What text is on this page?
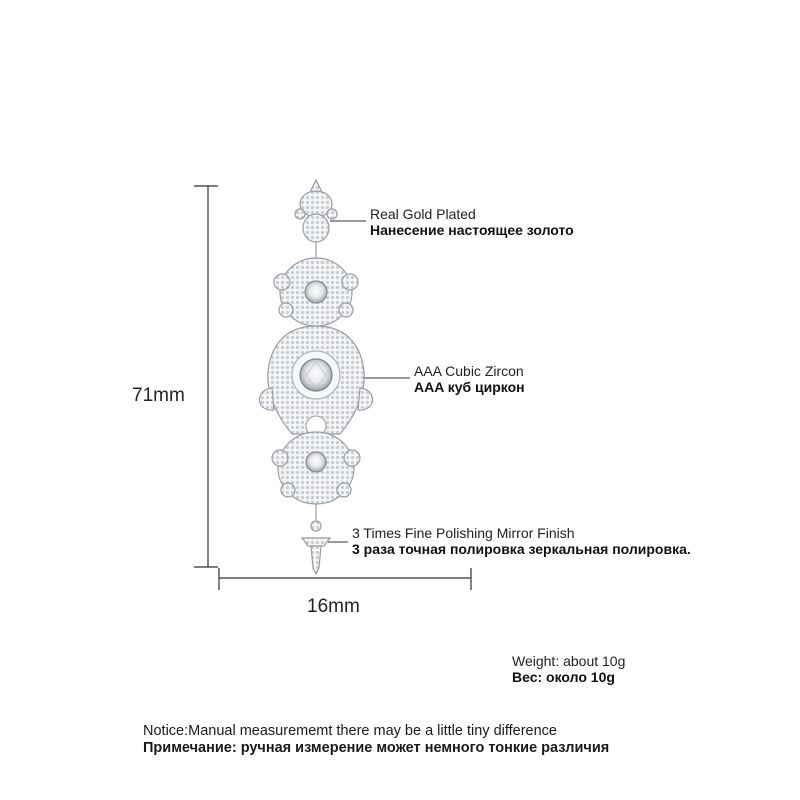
71mm
16mm
Real Gold Plated
Нанесение настоящее золото
AAA Cubic Zircon
AAA куб циркон
3 Times Fine Polishing Mirror Finish
3 раза точная полировка зеркальная полировка.
Weight: about 10g
Вес: около 10g
Notice:Manual measurememt there may be a little tiny difference
Примечание: ручная измерение может немного тонкие различия
